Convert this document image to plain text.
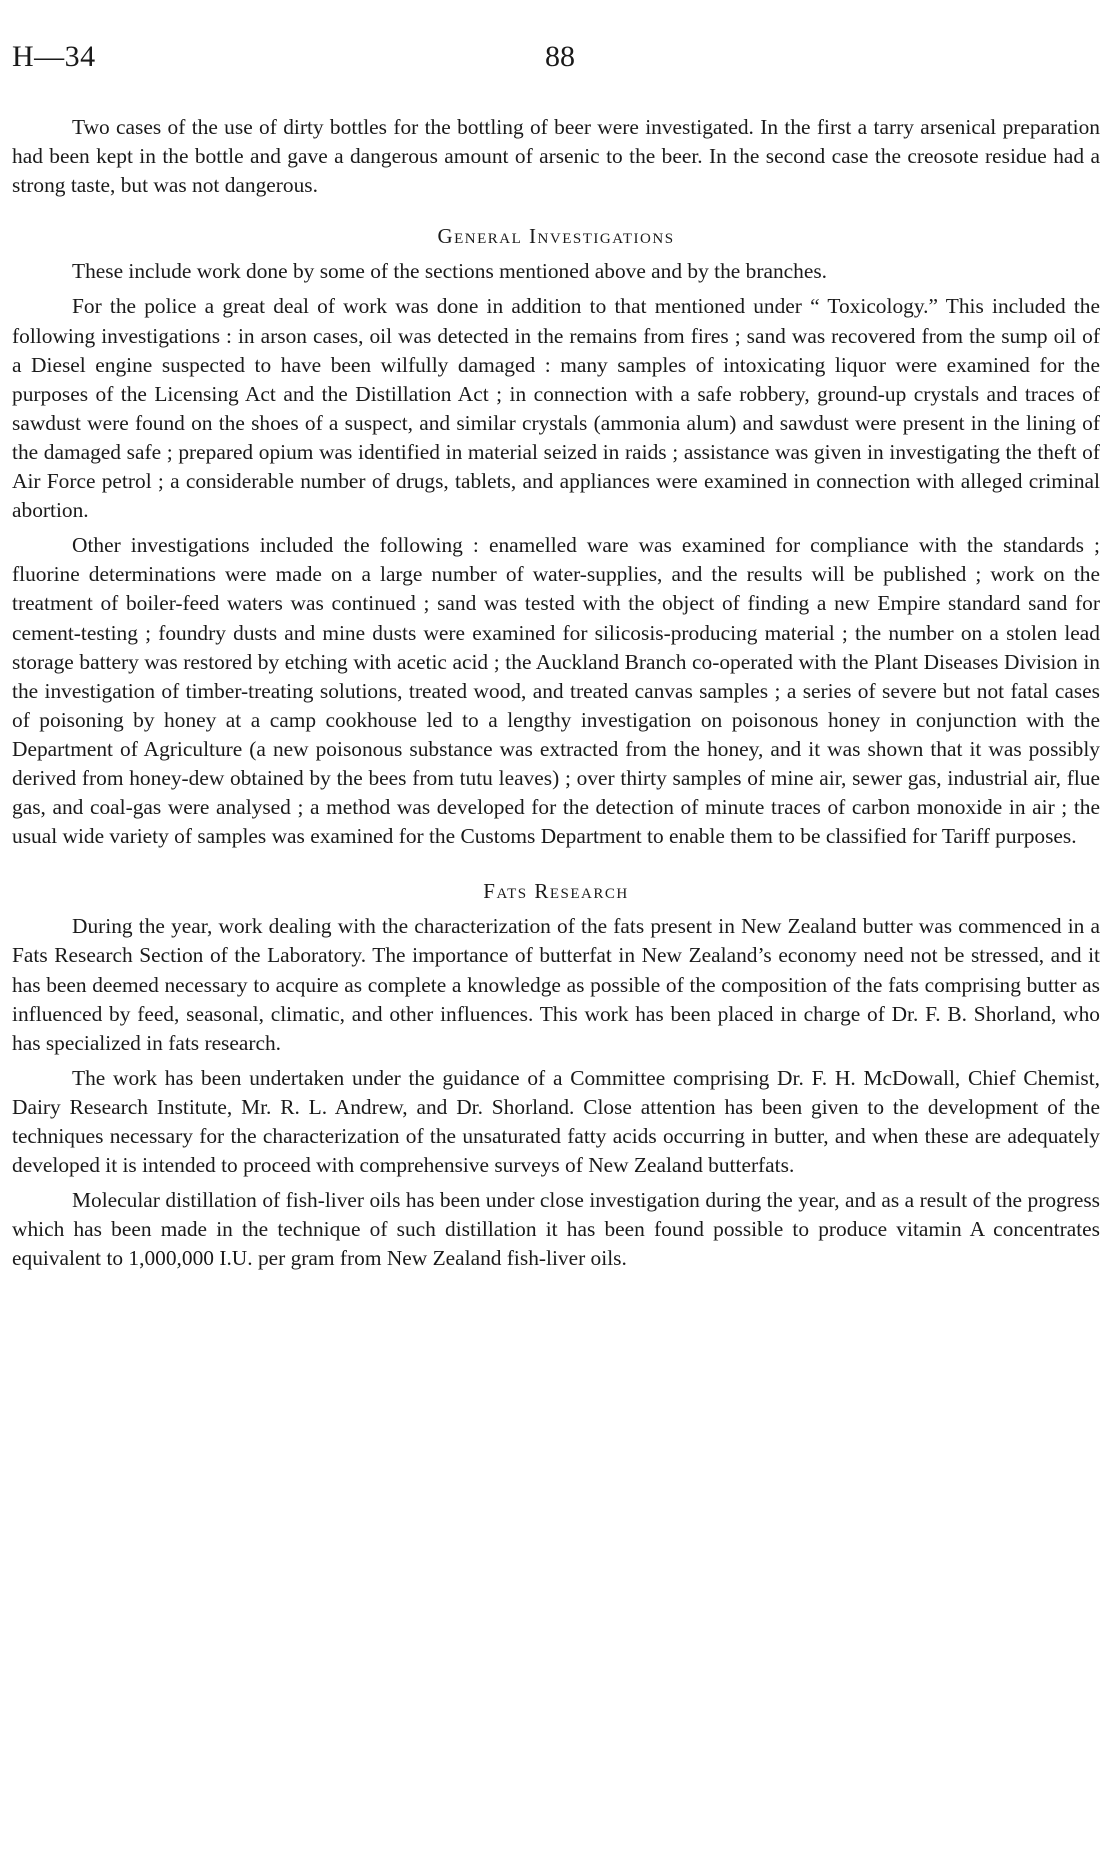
H—34	88

Two cases of the use of dirty bottles for the bottling of beer were investigated. In the first a tarry arsenical preparation had been kept in the bottle and gave a dangerous amount of arsenic to the beer. In the second case the creosote residue had a strong taste, but was not dangerous.

General Investigations

These include work done by some of the sections mentioned above and by the branches.

For the police a great deal of work was done in addition to that mentioned under “ Toxicology.” This included the following investigations : in arson cases, oil was detected in the remains from fires ; sand was recovered from the sump oil of a Diesel engine suspected to have been wilfully damaged : many samples of intoxicating liquor were examined for the purposes of the Licensing Act and the Distillation Act ; in connection with a safe robbery, ground-up crystals and traces of sawdust were found on the shoes of a suspect, and similar crystals (ammonia alum) and sawdust were present in the lining of the damaged safe ; prepared opium was identified in material seized in raids ; assistance was given in investigating the theft of Air Force petrol ; a considerable number of drugs, tablets, and appliances were examined in connection with alleged criminal abortion.

Other investigations included the following : enamelled ware was examined for compliance with the standards ; fluorine determinations were made on a large number of water-supplies, and the results will be published ; work on the treatment of boiler-feed waters was continued ; sand was tested with the object of finding a new Empire standard sand for cement-testing ; foundry dusts and mine dusts were examined for silicosis-producing material ; the number on a stolen lead storage battery was restored by etching with acetic acid ; the Auckland Branch co-operated with the Plant Diseases Division in the investigation of timber-treating solutions, treated wood, and treated canvas samples ; a series of severe but not fatal cases of poisoning by honey at a camp cookhouse led to a lengthy investigation on poisonous honey in conjunction with the Department of Agriculture (a new poisonous substance was extracted from the honey, and it was shown that it was possibly derived from honey-dew obtained by the bees from tutu leaves) ; over thirty samples of mine air, sewer gas, industrial air, flue gas, and coal-gas were analysed ; a method was developed for the detection of minute traces of carbon monoxide in air ; the usual wide variety of samples was examined for the Customs Department to enable them to be classified for Tariff purposes.

Fats Research

During the year, work dealing with the characterization of the fats present in New Zealand butter was commenced in a Fats Research Section of the Laboratory. The importance of butterfat in New Zealand’s economy need not be stressed, and it has been deemed necessary to acquire as complete a knowledge as possible of the composition of the fats comprising butter as influenced by feed, seasonal, climatic, and other influences. This work has been placed in charge of Dr. F. B. Shorland, who has specialized in fats research.

The work has been undertaken under the guidance of a Committee comprising Dr. F. H. McDowall, Chief Chemist, Dairy Research Institute, Mr. R. L. Andrew, and Dr. Shorland. Close attention has been given to the development of the techniques necessary for the characterization of the unsaturated fatty acids occurring in butter, and when these are adequately developed it is intended to proceed with comprehensive surveys of New Zealand butterfats.

Molecular distillation of fish-liver oils has been under close investigation during the year, and as a result of the progress which has been made in the technique of such distillation it has been found possible to produce vitamin A concentrates equivalent to 1,000,000 I.U. per gram from New Zealand fish-liver oils.
